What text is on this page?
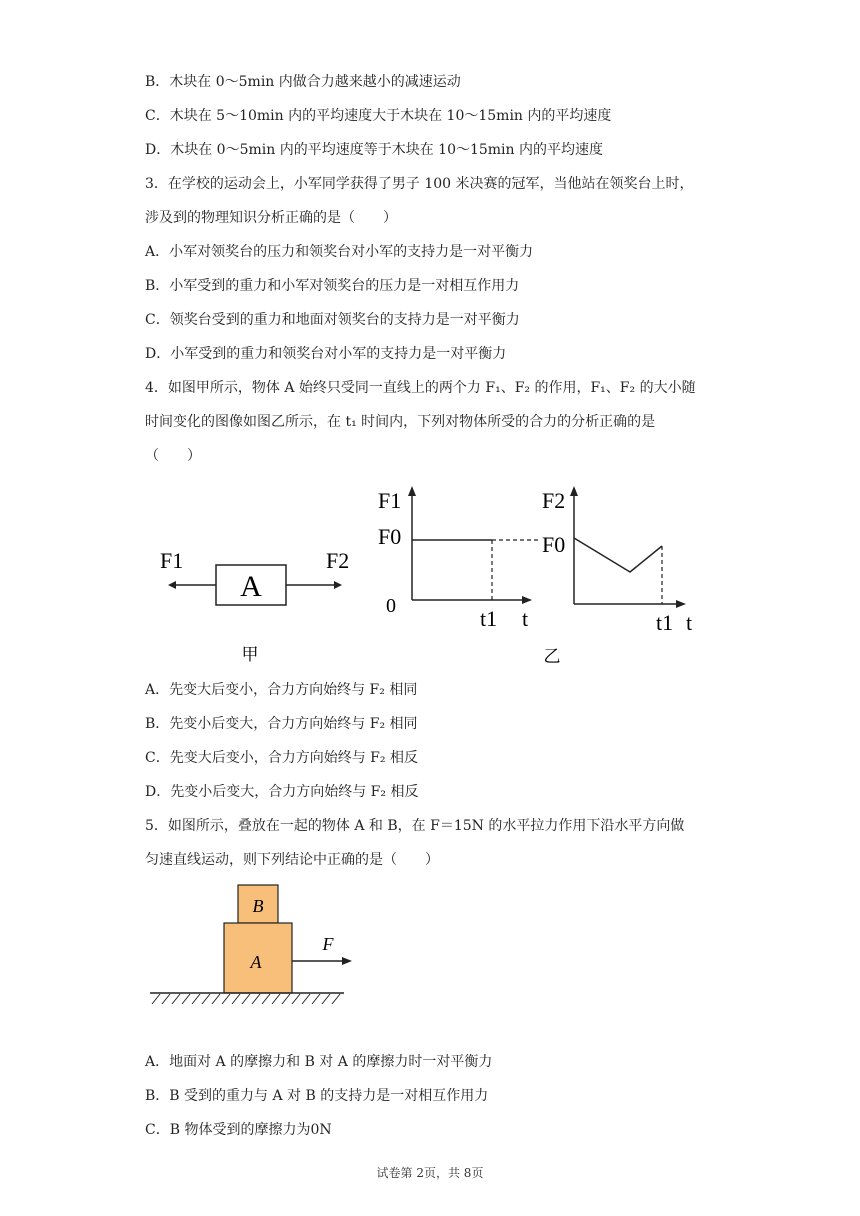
B．木块在 0～5min 内做合力越来越小的减速运动
C．木块在 5～10min 内的平均速度大于木块在 10～15min 内的平均速度
D．木块在 0～5min 内的平均速度等于木块在 10～15min 内的平均速度
3．在学校的运动会上，小军同学获得了男子 100 米决赛的冠军，当他站在领奖台上时，
涉及到的物理知识分析正确的是（　　）
A．小军对领奖台的压力和领奖台对小军的支持力是一对平衡力
B．小军受到的重力和小军对领奖台的压力是一对相互作用力
C．领奖台受到的重力和地面对领奖台的支持力是一对平衡力
D．小军受到的重力和领奖台对小军的支持力是一对平衡力
4．如图甲所示，物体 A 始终只受同一直线上的两个力 F₁、F₂ 的作用，F₁、F₂ 的大小随
时间变化的图像如图乙所示，在 t₁ 时间内，下列对物体所受的合力的分析正确的是
（　　）
F1	F2
A
甲
F1
F0
0	t1 t
F2
F0
t1 t
乙
A．先变大后变小，合力方向始终与 F₂ 相同
B．先变小后变大，合力方向始终与 F₂ 相同
C．先变大后变小，合力方向始终与 F₂ 相反
D．先变小后变大，合力方向始终与 F₂ 相反
5．如图所示，叠放在一起的物体 A 和 B，在 F＝15N 的水平拉力作用下沿水平方向做
匀速直线运动，则下列结论中正确的是（　　）
B
A
F
A．地面对 A 的摩擦力和 B 对 A 的摩擦力时一对平衡力
B．B 受到的重力与 A 对 B 的支持力是一对相互作用力
C．B 物体受到的摩擦力为0N
试卷第 2页，共 8页
